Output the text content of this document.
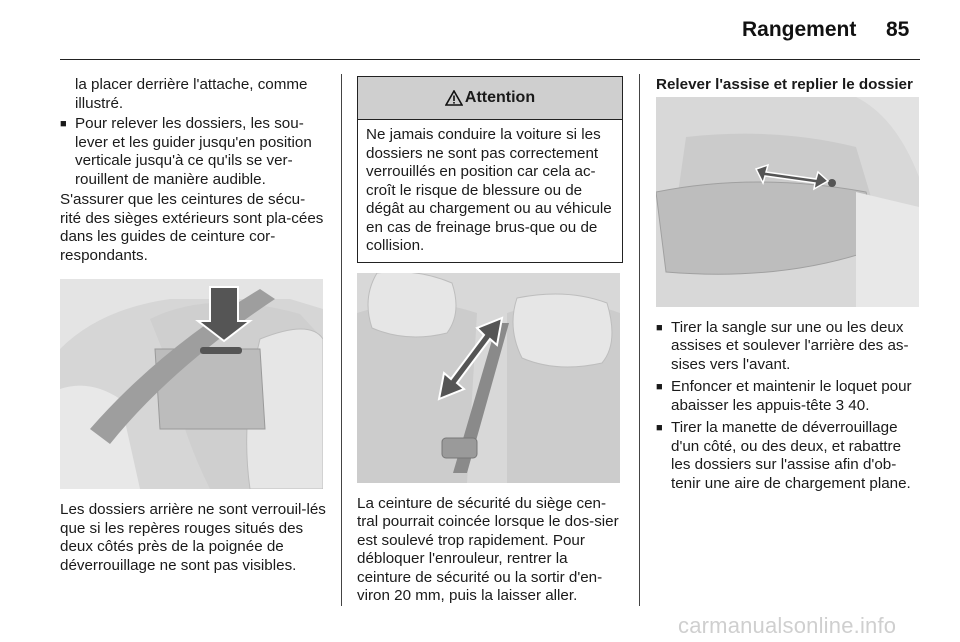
Rangement 85

la placer derrière l'attache, comme illustré.

■ Pour relever les dossiers, les sou-lever et les guider jusqu'en position verticale jusqu'à ce qu'ils se ver-rouillent de manière audible.

S'assurer que les ceintures de sécu-rité des sièges extérieurs sont pla-cées dans les guides de ceinture cor-respondants.

Les dossiers arrière ne sont verrouil-lés que si les repères rouges situés des deux côtés près de la poignée de déverrouillage ne sont pas visibles.

Attention
Ne jamais conduire la voiture si les dossiers ne sont pas correctement verrouillés en position car cela ac-croît le risque de blessure ou de dégât au chargement ou au véhicule en cas de freinage brus-que ou de collision.

La ceinture de sécurité du siège cen-tral pourrait coincée lorsque le dos-sier est soulevé trop rapidement. Pour débloquer l'enrouleur, rentrer la ceinture de sécurité ou la sortir d'en-viron 20 mm, puis la laisser aller.

Relever l'assise et replier le dossier

■ Tirer la sangle sur une ou les deux assises et soulever l'arrière des as-sises vers l'avant.
■ Enfoncer et maintenir le loquet pour abaisser les appuis-tête 3 40.
■ Tirer la manette de déverrouillage d'un côté, ou des deux, et rabattre les dossiers sur l'assise afin d'ob-tenir une aire de chargement plane.
carmanualsonline.info
